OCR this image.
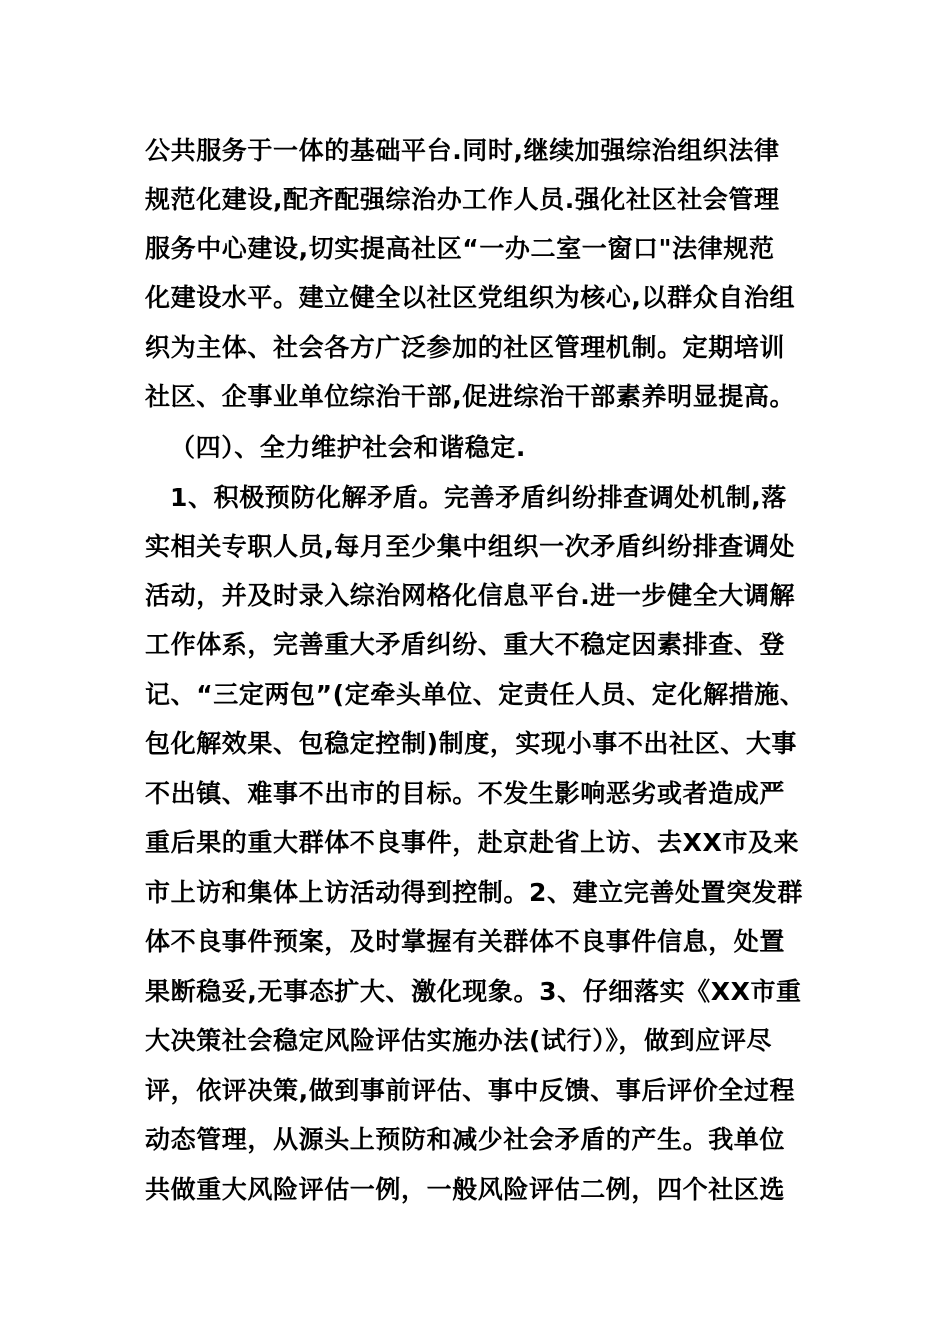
公共服务于一体的基础平台.同时,继续加强综治组织法律
规范化建设,配齐配强综治办工作人员.强化社区社会管理
服务中心建设,切实提高社区“一办二室一窗口"法律规范
化建设水平。建立健全以社区党组织为核心,以群众自治组
织为主体、社会各方广泛参加的社区管理机制。定期培训
社区、企事业单位综治干部,促进综治干部素养明显提高。
（四）、全力维护社会和谐稳定.
1、积极预防化解矛盾。完善矛盾纠纷排查调处机制,落
实相关专职人员,每月至少集中组织一次矛盾纠纷排查调处
活动，并及时录入综治网格化信息平台.进一步健全大调解
工作体系，完善重大矛盾纠纷、重大不稳定因素排查、登
记、“三定两包”(定牵头单位、定责任人员、定化解措施、
包化解效果、包稳定控制)制度，实现小事不出社区、大事
不出镇、难事不出市的目标。不发生影响恶劣或者造成严
重后果的重大群体不良事件，赴京赴省上访、去XX市及来
市上访和集体上访活动得到控制。2、建立完善处置突发群
体不良事件预案，及时掌握有关群体不良事件信息，处置
果断稳妥,无事态扩大、激化现象。3、仔细落实《XX市重
大决策社会稳定风险评估实施办法(试行）》，做到应评尽
评，依评决策,做到事前评估、事中反馈、事后评价全过程
动态管理，从源头上预防和减少社会矛盾的产生。我单位
共做重大风险评估一例，一般风险评估二例，四个社区选
